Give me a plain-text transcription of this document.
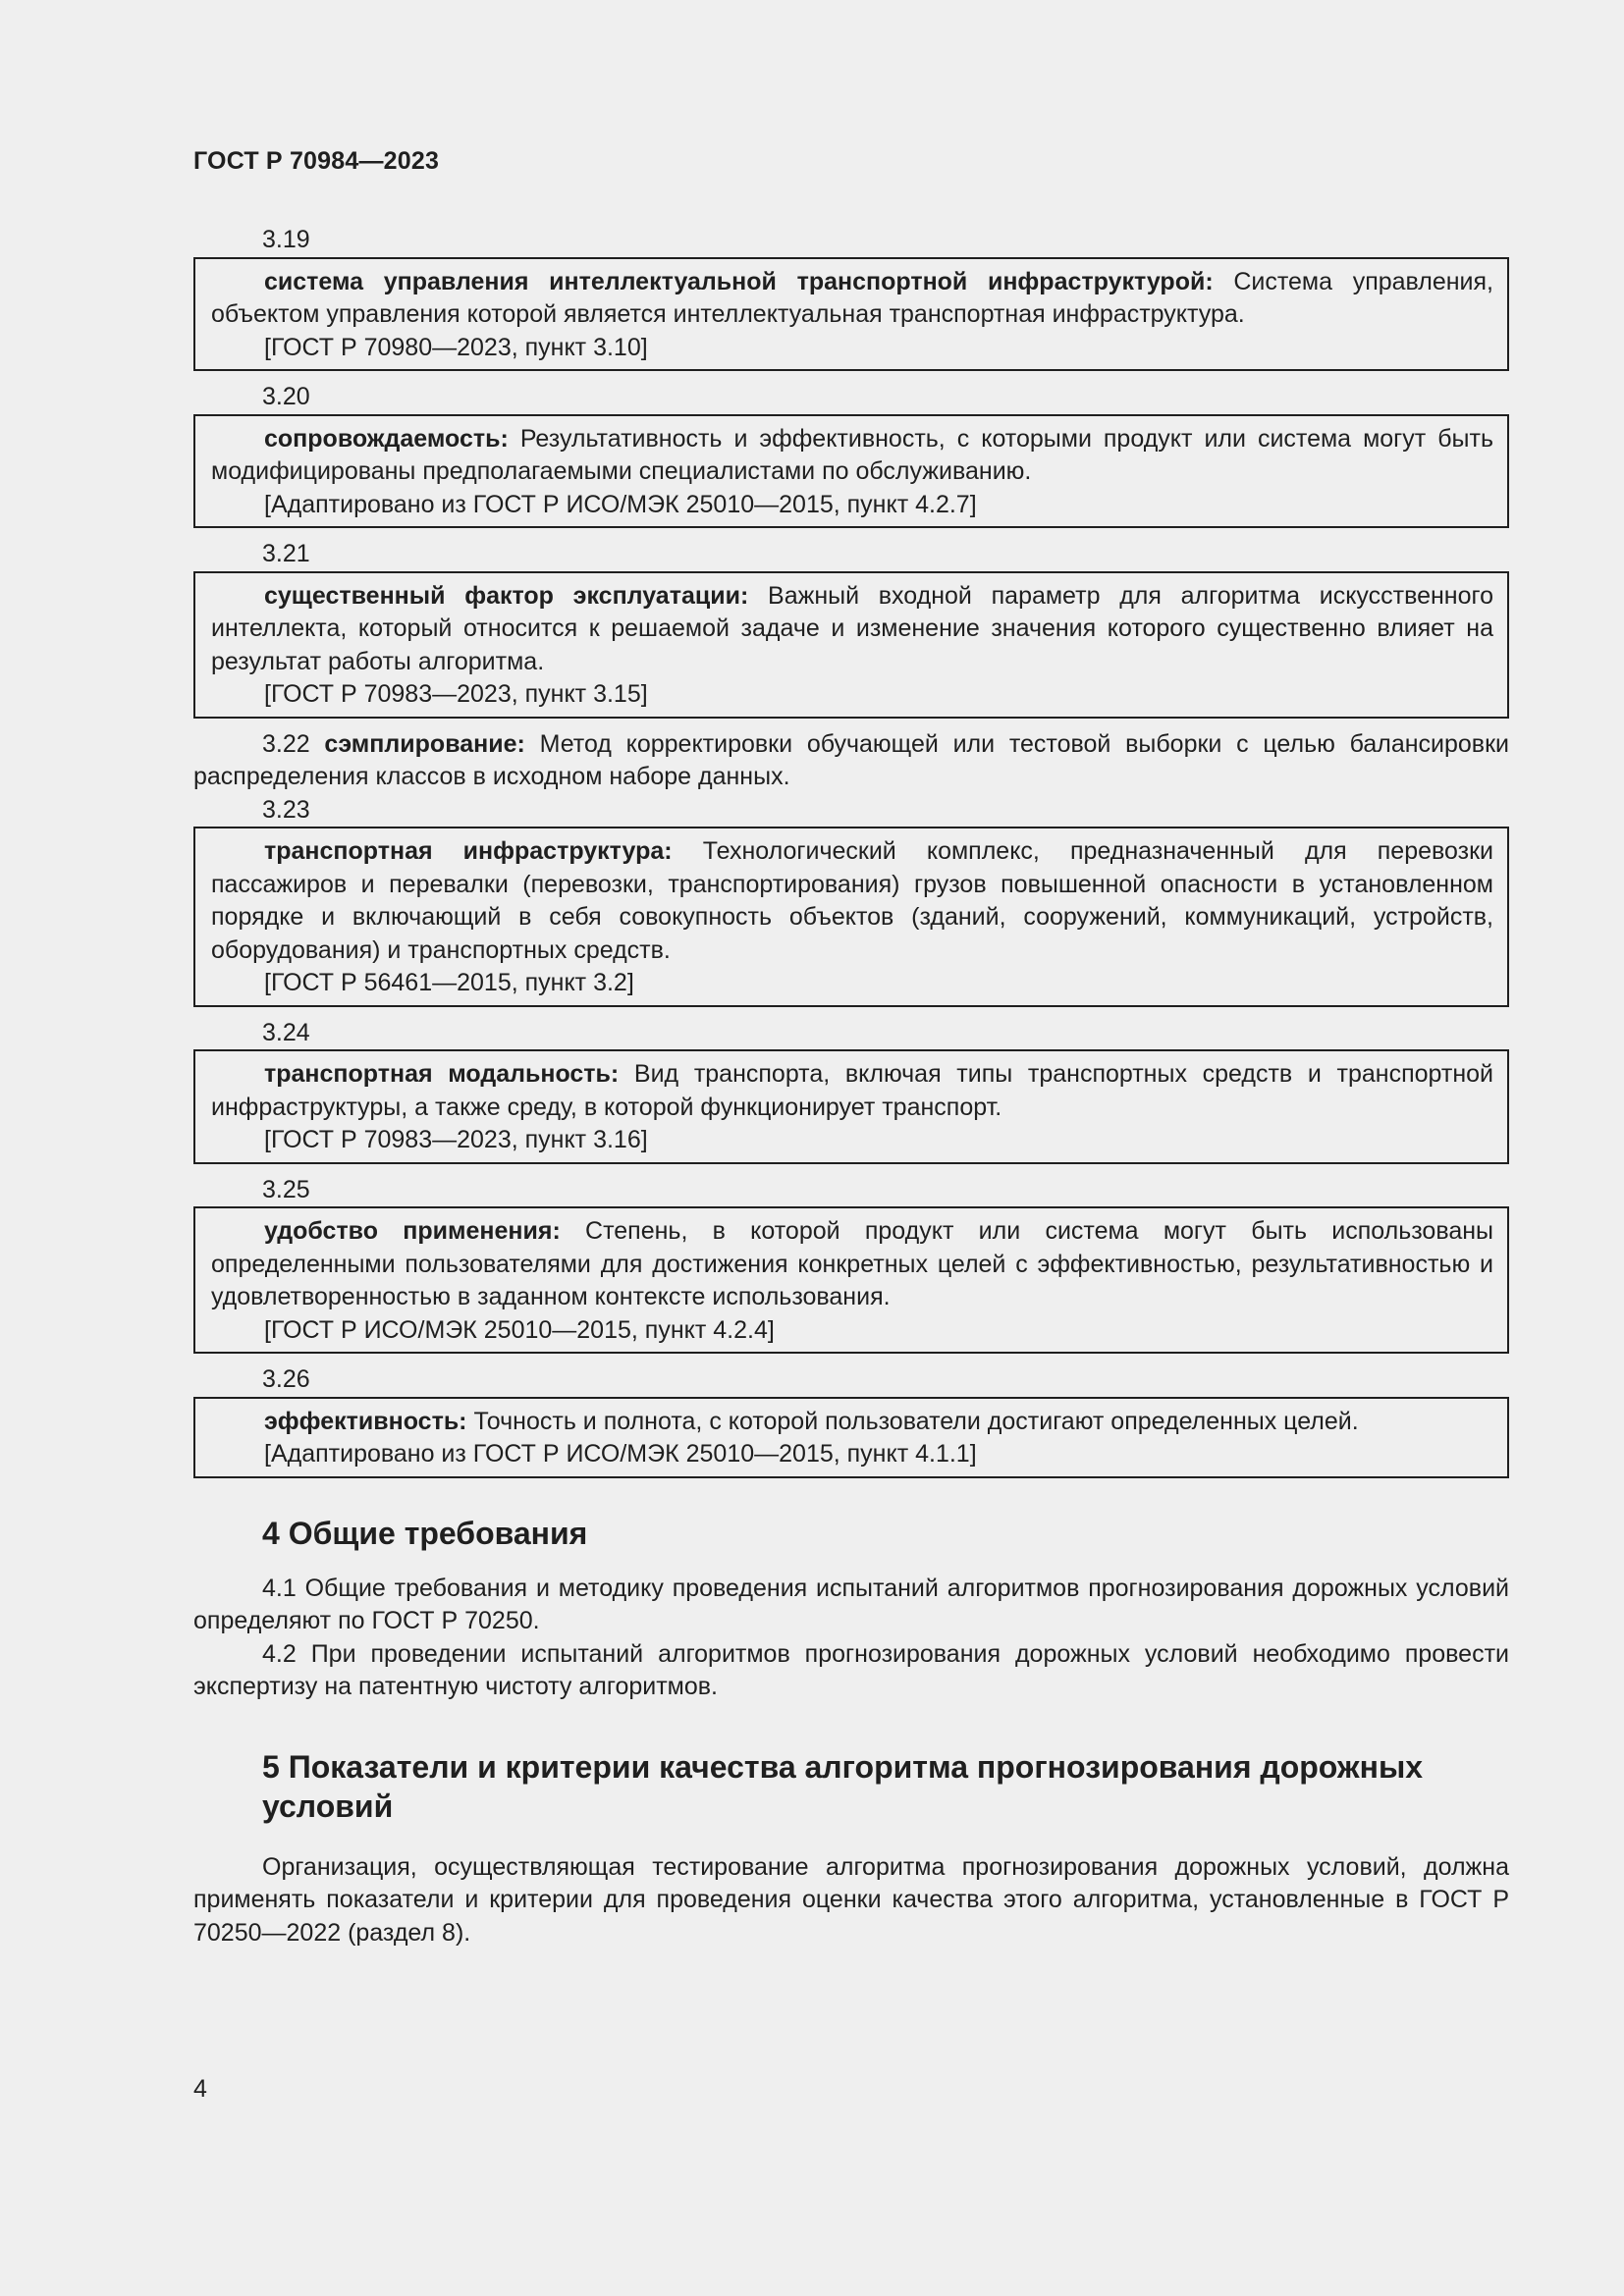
ГОСТ Р 70984—2023

3.19

система управления интеллектуальной транспортной инфраструктурой: Система управления, объектом управления которой является интеллектуальная транспортная инфраструктура.

[ГОСТ Р 70980—2023, пункт 3.10]

3.20

сопровождаемость: Результативность и эффективность, с которыми продукт или система могут быть модифицированы предполагаемыми специалистами по обслуживанию.

[Адаптировано из ГОСТ Р ИСО/МЭК 25010—2015, пункт 4.2.7]

3.21

существенный фактор эксплуатации: Важный входной параметр для алгоритма искусственного интеллекта, который относится к решаемой задаче и изменение значения которого существенно влияет на результат работы алгоритма.

[ГОСТ Р 70983—2023, пункт 3.15]

3.22 сэмплирование: Метод корректировки обучающей или тестовой выборки с целью балансировки распределения классов в исходном наборе данных.

3.23

транспортная инфраструктура: Технологический комплекс, предназначенный для перевозки пассажиров и перевалки (перевозки, транспортирования) грузов повышенной опасности в установленном порядке и включающий в себя совокупность объектов (зданий, сооружений, коммуникаций, устройств, оборудования) и транспортных средств.

[ГОСТ Р 56461—2015, пункт 3.2]

3.24

транспортная модальность: Вид транспорта, включая типы транспортных средств и транспортной инфраструктуры, а также среду, в которой функционирует транспорт.

[ГОСТ Р 70983—2023, пункт 3.16]

3.25

удобство применения: Степень, в которой продукт или система могут быть использованы определенными пользователями для достижения конкретных целей с эффективностью, результативностью и удовлетворенностью в заданном контексте использования.

[ГОСТ Р ИСО/МЭК 25010—2015, пункт 4.2.4]

3.26

эффективность: Точность и полнота, с которой пользователи достигают определенных целей.

[Адаптировано из ГОСТ Р ИСО/МЭК 25010—2015, пункт 4.1.1]

4 Общие требования

4.1 Общие требования и методику проведения испытаний алгоритмов прогнозирования дорожных условий определяют по ГОСТ Р 70250.

4.2 При проведении испытаний алгоритмов прогнозирования дорожных условий необходимо провести экспертизу на патентную чистоту алгоритмов.

5 Показатели и критерии качества алгоритма прогнозирования дорожных условий

Организация, осуществляющая тестирование алгоритма прогнозирования дорожных условий, должна применять показатели и критерии для проведения оценки качества этого алгоритма, установленные в ГОСТ Р 70250—2022 (раздел 8).

4
